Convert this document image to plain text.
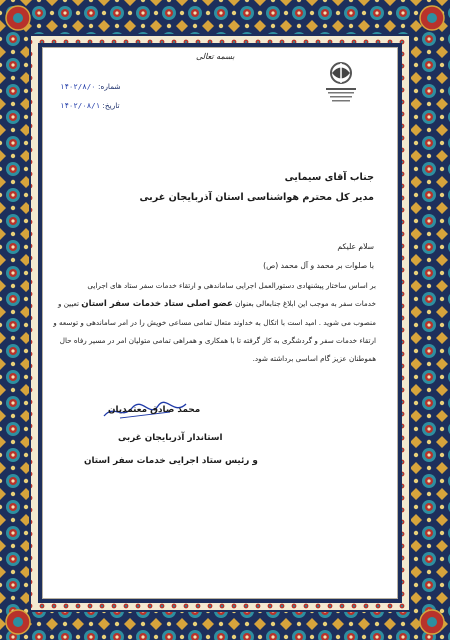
بسمه تعالی
شماره: ۱۴۰۲/۸/۰
تاریخ: ۱۴۰۲/۰۸/۱
جناب آقای سیمایی
مدیر کل محترم هواشناسی استان آذربایجان غربی
سلام علیکم
با صلوات بر محمد و آل محمد (ص)
بر اساس ساختار پیشنهادی دستورالعمل اجرایی ساماندهی و ارتقاء خدمات سفر ستاد های اجرایی
خدمات سفر به موجب این ابلاغ جنابعالی بعنوان عضو اصلی ستاد خدمات سفر استان تعیین و
منصوب می شوید . امید است با اتکال به خداوند متعال تمامی مساعی خویش را در امر ساماندهی و توسعه و
ارتقاء خدمات سفر و گردشگری به کار گرفته تا با همکاری و همراهی تمامی متولیان امر در مسیر رفاه حال
هموطنان عزیز گام اساسی برداشته شود.
محمد صادق معتمدیان
استاندار آذربایجان غربی
و رئیس ستاد اجرایی خدمات سفر استان
...	...
